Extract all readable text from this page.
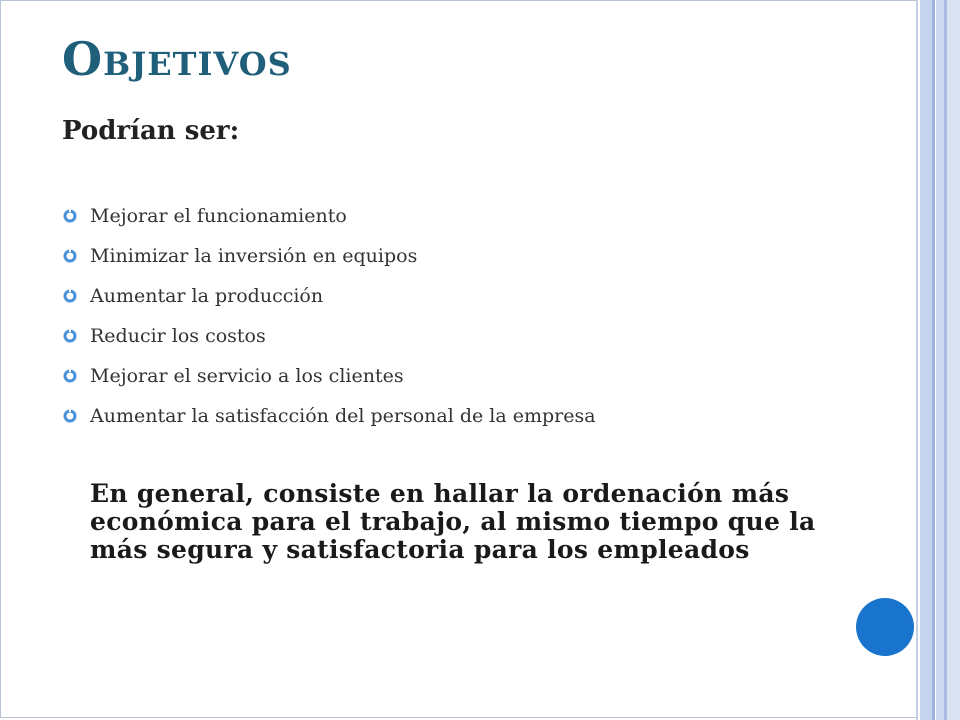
Objetivos
Podrían ser:
Mejorar el funcionamiento
Minimizar la inversión en equipos
Aumentar la producción
Reducir los costos
Mejorar el servicio a los clientes
Aumentar la satisfacción del personal de la empresa

En general, consiste en hallar la ordenación más económica para el trabajo, al mismo tiempo que la más segura y satisfactoria para los empleados
